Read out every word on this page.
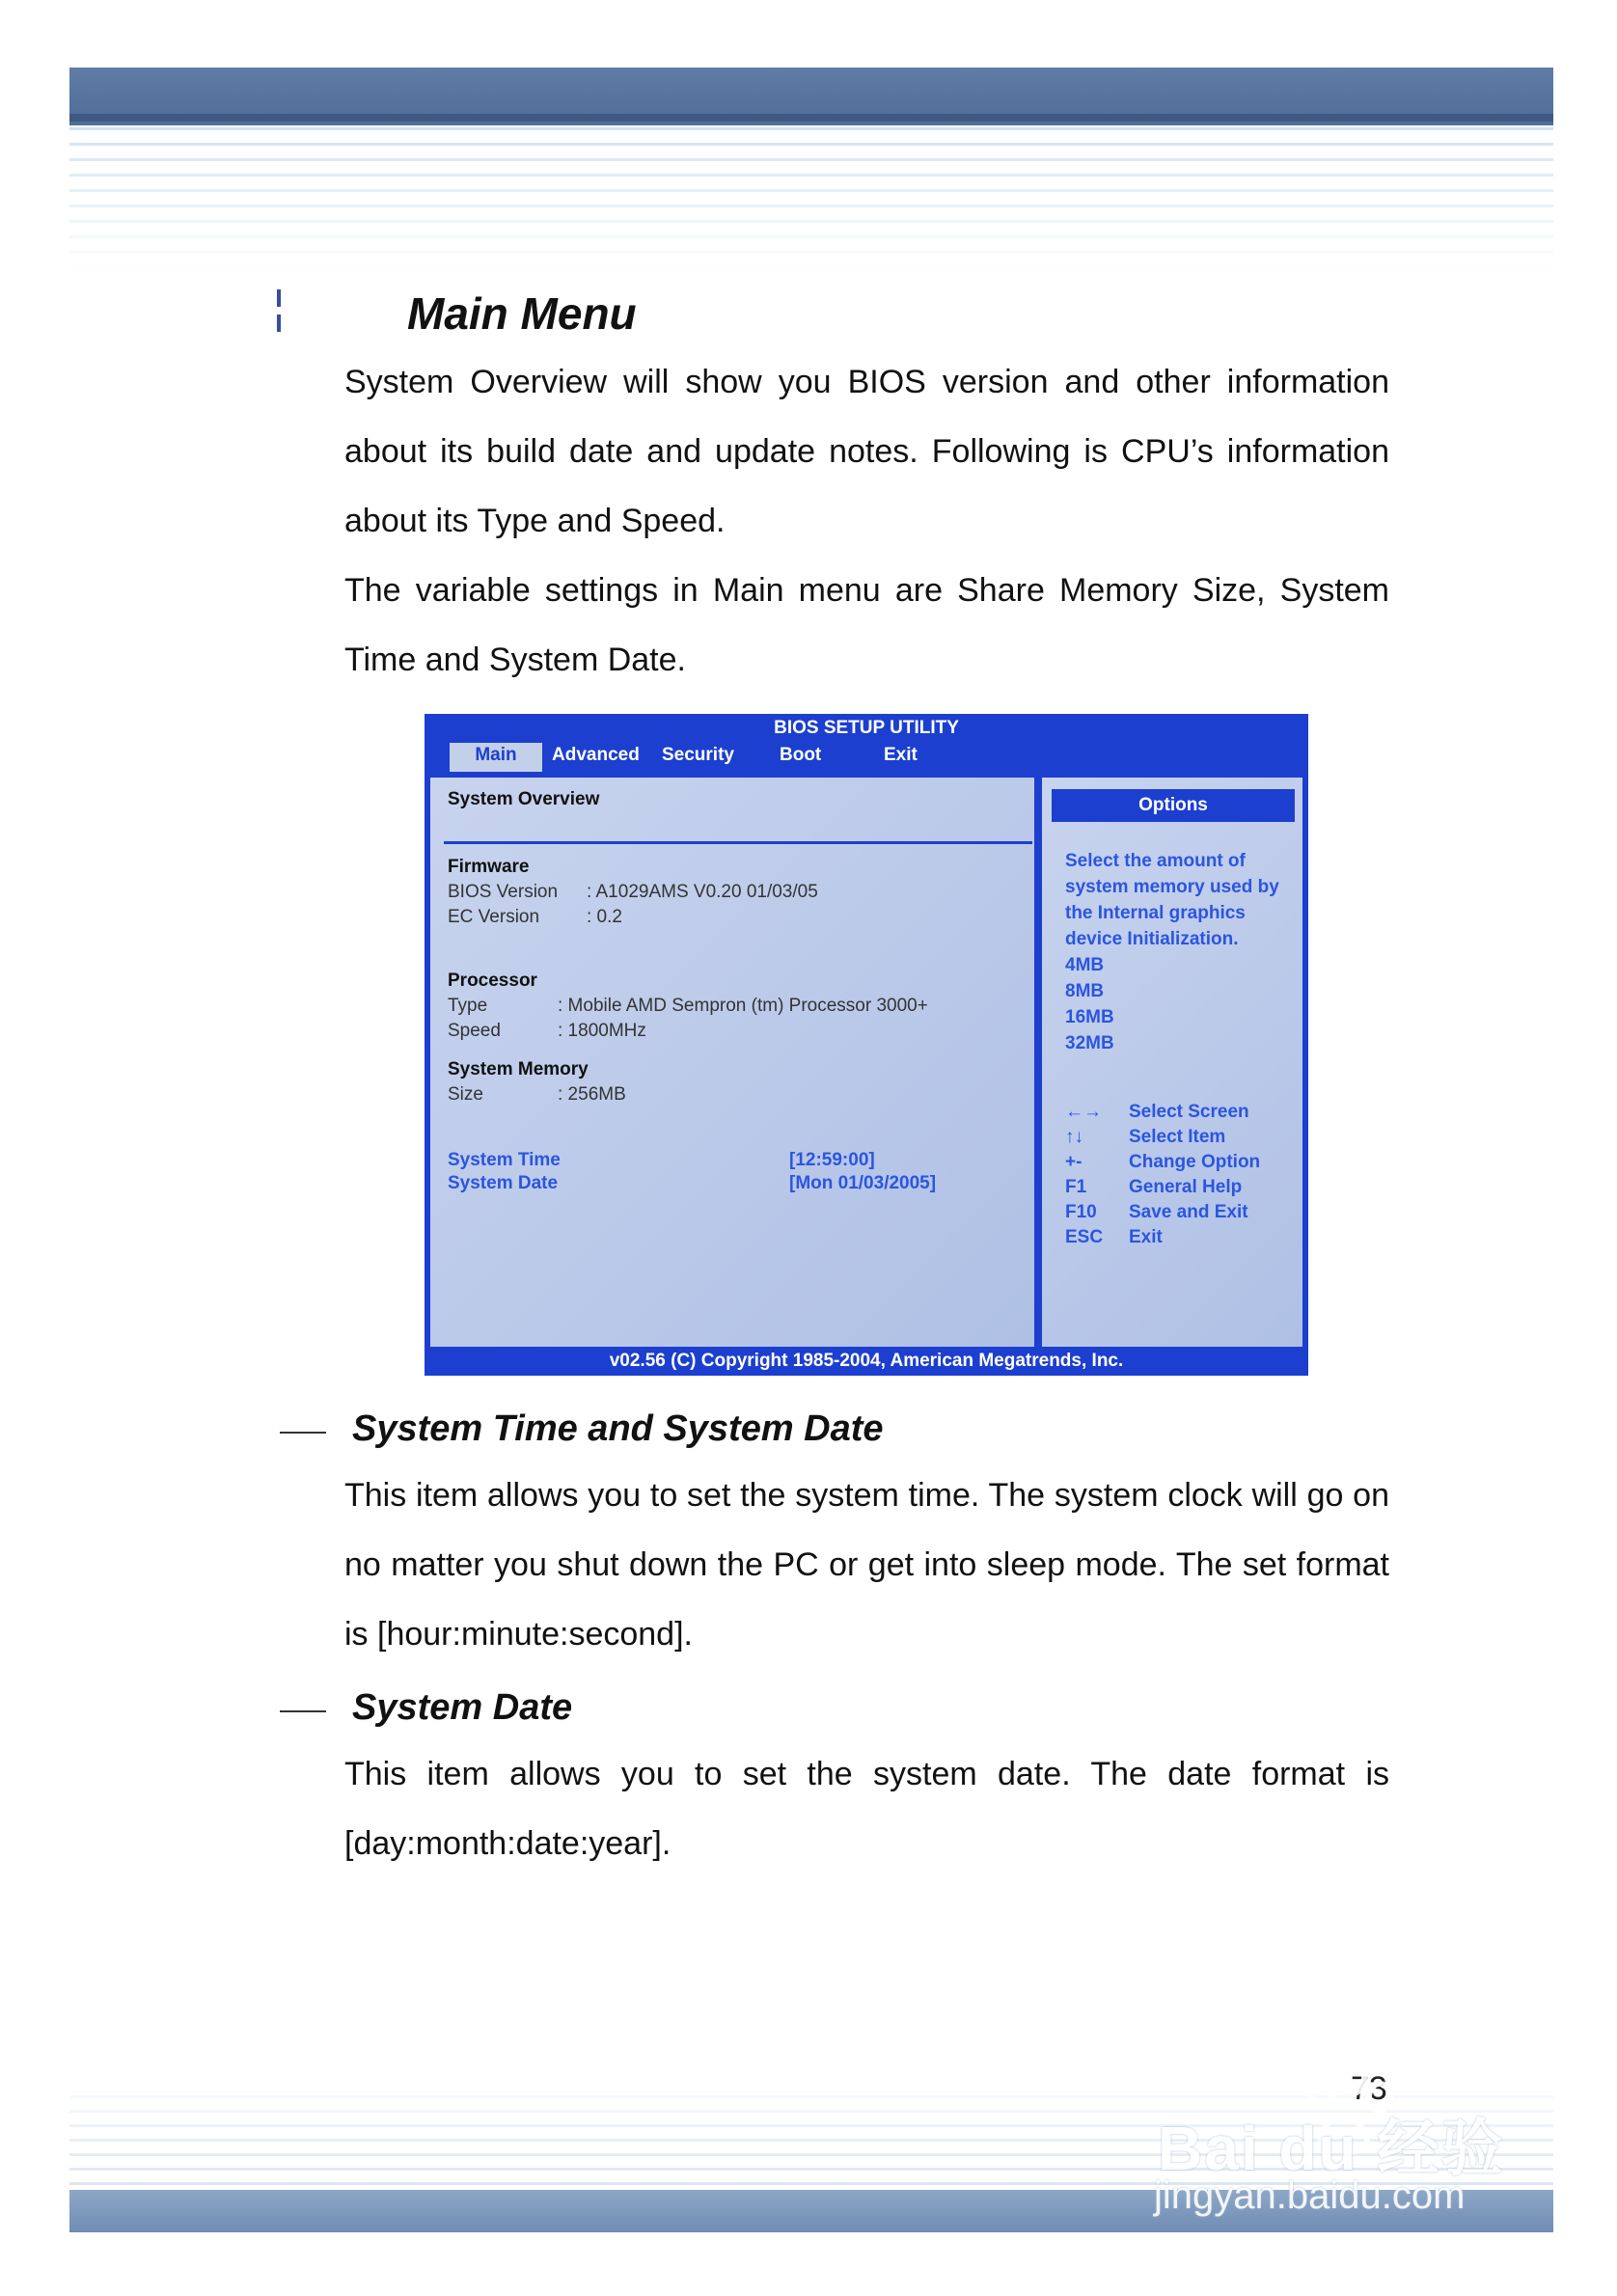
Main Menu

System Overview will show you BIOS version and other information about its build date and update notes. Following is CPU’s information about its Type and Speed.

The variable settings in Main menu are Share Memory Size, System Time and System Date.

BIOS SETUP UTILITY
Main	Advanced Security Boot	Exit
System Overview
Firmware
BIOS Version : A1029AMS V0.20 01/03/05
EC Version	: 0.2
Processor
Type	: Mobile AMD Sempron (tm) Processor 3000+
Speed	: 1800MHz
System Memory
Size	: 256MB
System Time	[12:59:00]
System Date	[Mon 01/03/2005]
Options
Select the amount of
system memory used by
the Internal graphics
device Initialization.
4MB
8MB
16MB
32MB
←→ Select Screen
↑↓ Select Item
+-	Change Option
F1 General Help
F10 Save and Exit
ESC Exit
v02.56 (C) Copyright 1985-2004, American Megatrends, Inc.
System Time and System Date

This item allows you to set the system time. The system clock will go on no matter you shut down the PC or get into sleep mode. The set format is [hour:minute:second].

System Date

This item allows you to set the system date. The date format is [day:month:date:year].

73
Bai du 经验
jingyan.baidu.com
